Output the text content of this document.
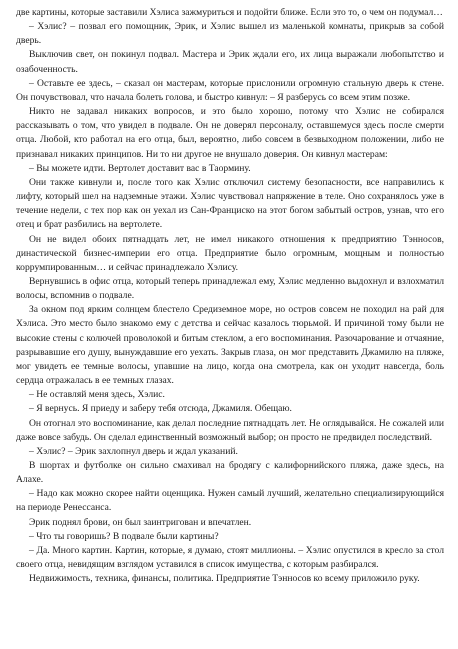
две картины, которые заставили Хэлиса зажмуриться и подойти ближе. Если это то, о чем он подумал…

– Хэлис? – позвал его помощник, Эрик, и Хэлис вышел из маленькой комнаты, прикрыв за собой дверь.

Выключив свет, он покинул подвал. Мастера и Эрик ждали его, их лица выражали любопытство и озабоченность.

– Оставьте ее здесь, – сказал он мастерам, которые прислонили огромную стальную дверь к стене. Он почувствовал, что начала болеть голова, и быстро кивнул: – Я разберусь со всем этим позже.

Никто не задавал никаких вопросов, и это было хорошо, потому что Хэлис не собирался рассказывать о том, что увидел в подвале. Он не доверял персоналу, оставшемуся здесь после смерти отца. Любой, кто работал на его отца, был, вероятно, либо совсем в безвыходном положении, либо не признавал никаких принципов. Ни то ни другое не внушало доверия. Он кивнул мастерам:

– Вы можете идти. Вертолет доставит вас в Таормину.

Они также кивнули и, после того как Хэлис отключил систему безопасности, все направились к лифту, который шел на надземные этажи. Хэлис чувствовал напряжение в теле. Оно сохранялось уже в течение недели, с тех пор как он уехал из Сан-Франциско на этот богом забытый остров, узнав, что его отец и брат разбились на вертолете.

Он не видел обоих пятнадцать лет, не имел никакого отношения к предприятию Тэнносов, династической бизнес-империи его отца. Предприятие было огромным, мощным и полностью коррумпированным… и сейчас принадлежало Хэлису.

Вернувшись в офис отца, который теперь принадлежал ему, Хэлис медленно выдохнул и взлохматил волосы, вспомнив о подвале.

За окном под ярким солнцем блестело Средиземное море, но остров совсем не походил на рай для Хэлиса. Это место было знакомо ему с детства и сейчас казалось тюрьмой. И причиной тому были не высокие стены с колючей проволокой и битым стеклом, а его воспоминания. Разочарование и отчаяние, разрывавшие его душу, вынуждавшие его уехать. Закрыв глаза, он мог представить Джамилю на пляже, мог увидеть ее темные волосы, упавшие на лицо, когда она смотрела, как он уходит навсегда, боль сердца отражалась в ее темных глазах.

– Не оставляй меня здесь, Хэлис.

– Я вернусь. Я приеду и заберу тебя отсюда, Джамиля. Обещаю.

Он отогнал это воспоминание, как делал последние пятнадцать лет. Не оглядывайся. Не сожалей или даже вовсе забудь. Он сделал единственный возможный выбор; он просто не предвидел последствий.

– Хэлис? – Эрик захлопнул дверь и ждал указаний.

В шортах и футболке он сильно смахивал на бродягу с калифорнийского пляжа, даже здесь, на Алахе.

– Надо как можно скорее найти оценщика. Нужен самый лучший, желательно специализирующийся на периоде Ренессанса.

Эрик поднял брови, он был заинтригован и впечатлен.

– Что ты говоришь? В подвале были картины?

– Да. Много картин. Картин, которые, я думаю, стоят миллионы. – Хэлис опустился в кресло за стол своего отца, невидящим взглядом уставился в список имущества, с которым разбирался.

Недвижимость, техника, финансы, политика. Предприятие Тэнносов ко всему приложило руку.
